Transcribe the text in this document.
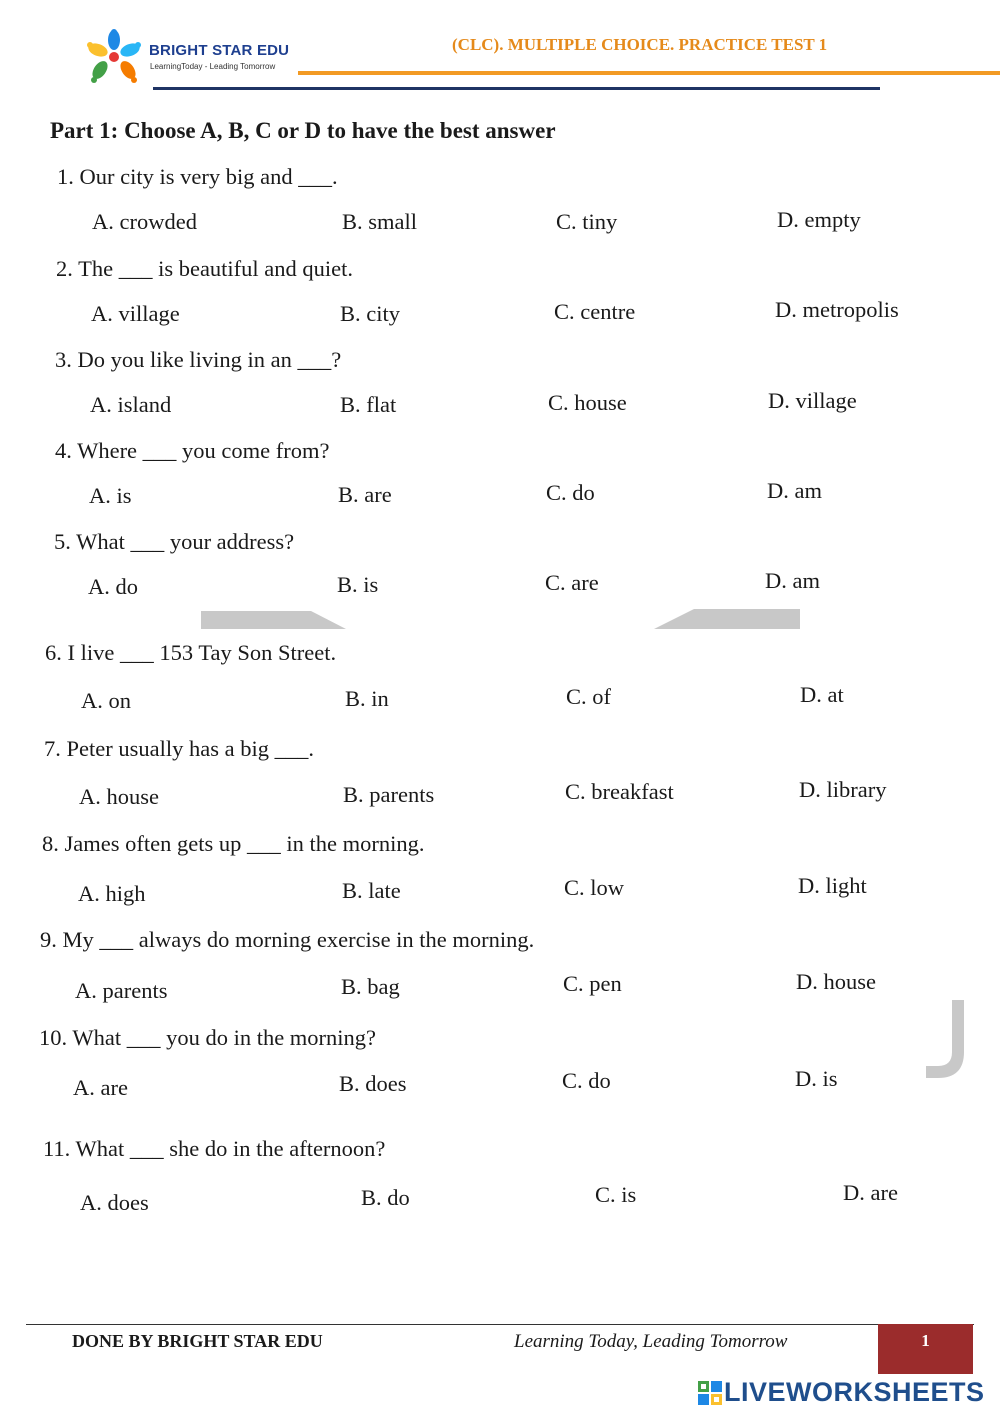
BRIGHT STAR EDU
LearningToday - Leading Tomorrow
(CLC). MULTIPLE CHOICE. PRACTICE TEST 1
Part 1: Choose A, B, C or D to have the best answer
1. Our city is very big and ___.
A. crowded	B. small	C. tiny	D. empty
2. The ___ is beautiful and quiet.
A. village	B. city	C. centre	D. metropolis
3. Do you like living in an ___?
A. island	B. flat	C. house	D. village
4. Where ___ you come from?
A. is	B. are	C. do	D. am
5. What ___ your address?
A. do	B. is	C. are	D. am
6. I live ___ 153 Tay Son Street.
A. on	B. in	C. of	D. at
7. Peter usually has a big ___.
A. house	B. parents	C. breakfast	D. library
8. James often gets up ___ in the morning.
A. high	B. late	C. low	D. light
9. My ___ always do morning exercise in the morning.
A. parents	B. bag	C. pen	D. house
10. What ___ you do in the morning?
A. are	B. does	C. do	D. is
11. What ___ she do in the afternoon?
A. does	B. do	C. is	D. are
DONE BY BRIGHT STAR EDU	Learning Today, Leading Tomorrow	1
LIVEWORKSHEETS
